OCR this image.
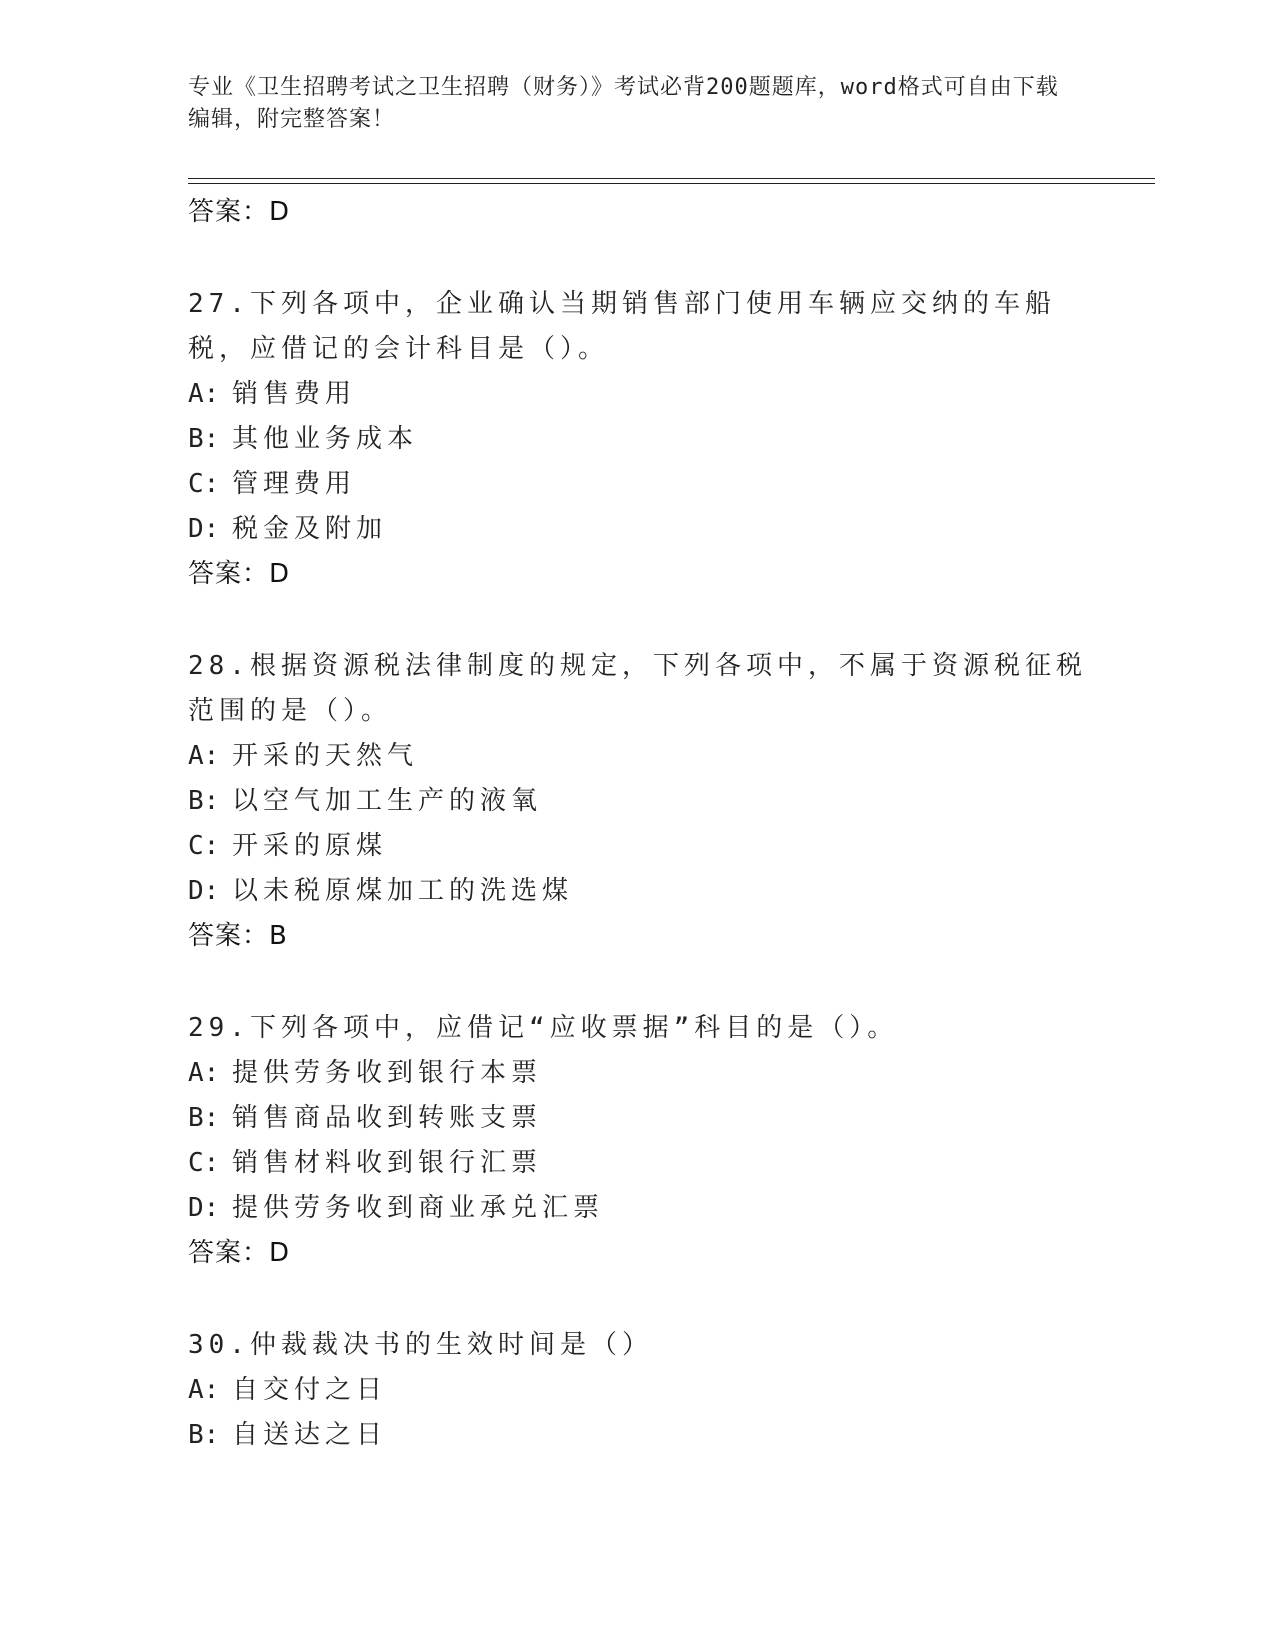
专业《卫生招聘考试之卫生招聘（财务）》考试必背200题题库，word格式可自由下载编辑，附完整答案！
答案：D
27.下列各项中，企业确认当期销售部门使用车辆应交纳的车船税，应借记的会计科目是（）。
A: 销售费用
B: 其他业务成本
C: 管理费用
D: 税金及附加
答案：D
28.根据资源税法律制度的规定，下列各项中，不属于资源税征税范围的是（）。
A: 开采的天然气
B: 以空气加工生产的液氧
C: 开采的原煤
D: 以未税原煤加工的洗选煤
答案：B
29.下列各项中，应借记“应收票据”科目的是（）。
A: 提供劳务收到银行本票
B: 销售商品收到转账支票
C: 销售材料收到银行汇票
D: 提供劳务收到商业承兑汇票
答案：D
30.仲裁裁决书的生效时间是（）
A: 自交付之日
B: 自送达之日
